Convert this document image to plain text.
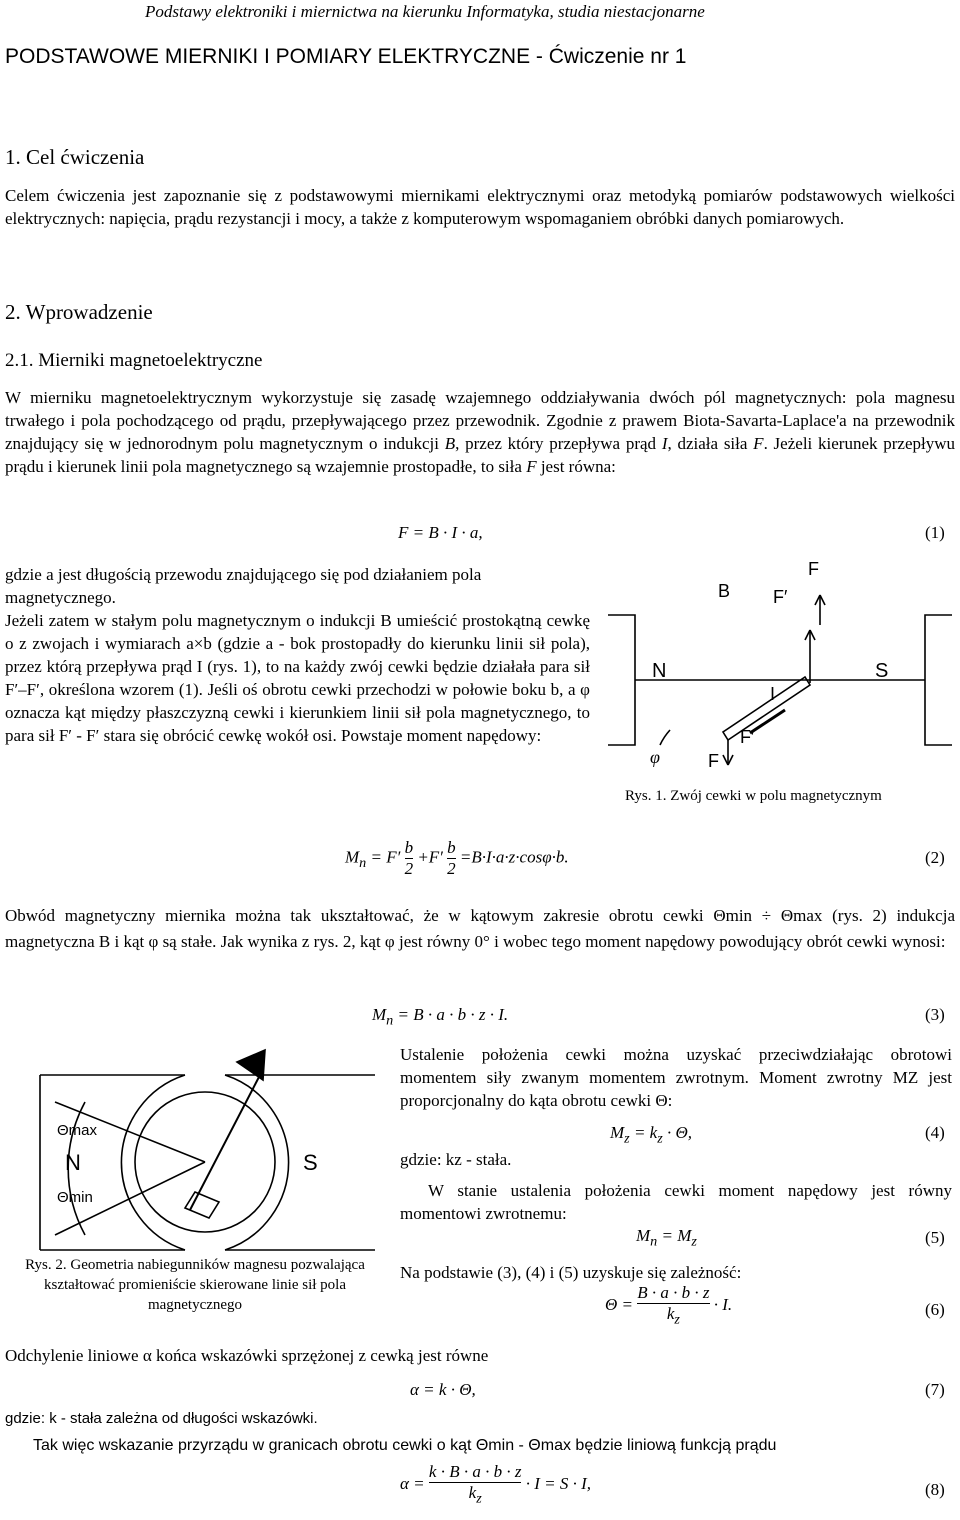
Podstawy elektroniki i miernictwa na kierunku Informatyka, studia niestacjonarne
PODSTAWOWE MIERNIKI I POMIARY ELEKTRYCZNE - Ćwiczenie nr 1
1. Cel ćwiczenia
Celem ćwiczenia jest zapoznanie się z podstawowymi miernikami elektrycznymi oraz metodyką pomiarów podstawowych wielkości elektrycznych: napięcia, prądu rezystancji i mocy, a także z komputerowym wspomaganiem obróbki danych pomiarowych.
2. Wprowadzenie
2.1. Mierniki magnetoelektryczne
W mierniku magnetoelektrycznym wykorzystuje się zasadę wzajemnego oddziaływania dwóch pól magnetycznych: pola magnesu trwałego i pola pochodzącego od prądu, przepływającego przez przewodnik. Zgodnie z prawem Biota-Savarta-Laplace'a na przewodnik znajdujący się w jednorodnym polu magnetycznym o indukcji B, przez który przepływa prąd I, działa siła F. Jeżeli kierunek przepływu prądu i kierunek linii pola magnetycznego są wzajemnie prostopadłe, to siła F jest równa:
F = B · I · a,	(1)
gdzie a jest długością przewodu znajdującego się pod działaniem pola magnetycznego.
Jeżeli zatem w stałym polu magnetycznym o indukcji B umieścić prostokątną cewkę o z zwojach i wymiarach a×b (gdzie a - bok prostopadły do kierunku linii sił pola), przez którą przepływa prąd I (rys. 1), to na każdy zwój cewki będzie działała para sił F′–F′, określona wzorem (1). Jeśli oś obrotu cewki przechodzi w połowie boku b, a φ oznacza kąt między płaszczyzną cewki i kierunkiem linii sił pola magnetycznego, to para sił F′ - F′ stara się obrócić cewkę wokół osi. Powstaje moment napędowy:
N	S
B
F
F′
I
F′
F
φ
Rys. 1. Zwój cewki w polu magnetycznym
$M_n = F' \frac{b}{2} +F' \frac{b}{2} =B\cdot I\cdot a\cdot z\cdot\cos\varphi\cdot b$.	(2)
Obwód magnetyczny miernika można tak ukształtować, że w kątowym zakresie obrotu cewki Θmin ÷ Θmax (rys. 2) indukcja magnetyczna B i kąt φ są stałe. Jak wynika z rys. 2, kąt φ jest równy 0° i wobec tego moment napędowy powodujący obrót cewki wynosi:
$M_n = B \cdot a \cdot b \cdot z \cdot I$.	(3)
Θmax
N
Θmin
S
Rys. 2. Geometria nabiegunników magnesu pozwalająca kształtować promieniście skierowane linie sił pola magnetycznego
Ustalenie położenia cewki można uzyskać przeciwdziałając obrotowi momentem siły zwanym momentem zwrotnym. Moment zwrotny MZ jest proporcjonalny do kąta obrotu cewki Θ:
$M_z = k_z \cdot \Theta$,	(4)
gdzie: kz - stała.
W stanie ustalenia położenia cewki moment napędowy jest równy momentowi zwrotnemu:
$M_n = M_z$	(5)
Na podstawie (3), (4) i (5) uzyskuje się zależność:
$\Theta = \frac{B \cdot a \cdot b \cdot z}{k_z} \cdot I$.	(6)
Odchylenie liniowe α końca wskazówki sprzężonej z cewką jest równe
α = k · Θ,	(7)
gdzie: k - stała zależna od długości wskazówki.
Tak więc wskazanie przyrządu w granicach obrotu cewki o kąt Θmin - Θmax będzie liniową funkcją prądu
$\alpha = \frac{k \cdot B \cdot a \cdot b \cdot z}{k_z} \cdot I = S \cdot I$,	(8)
